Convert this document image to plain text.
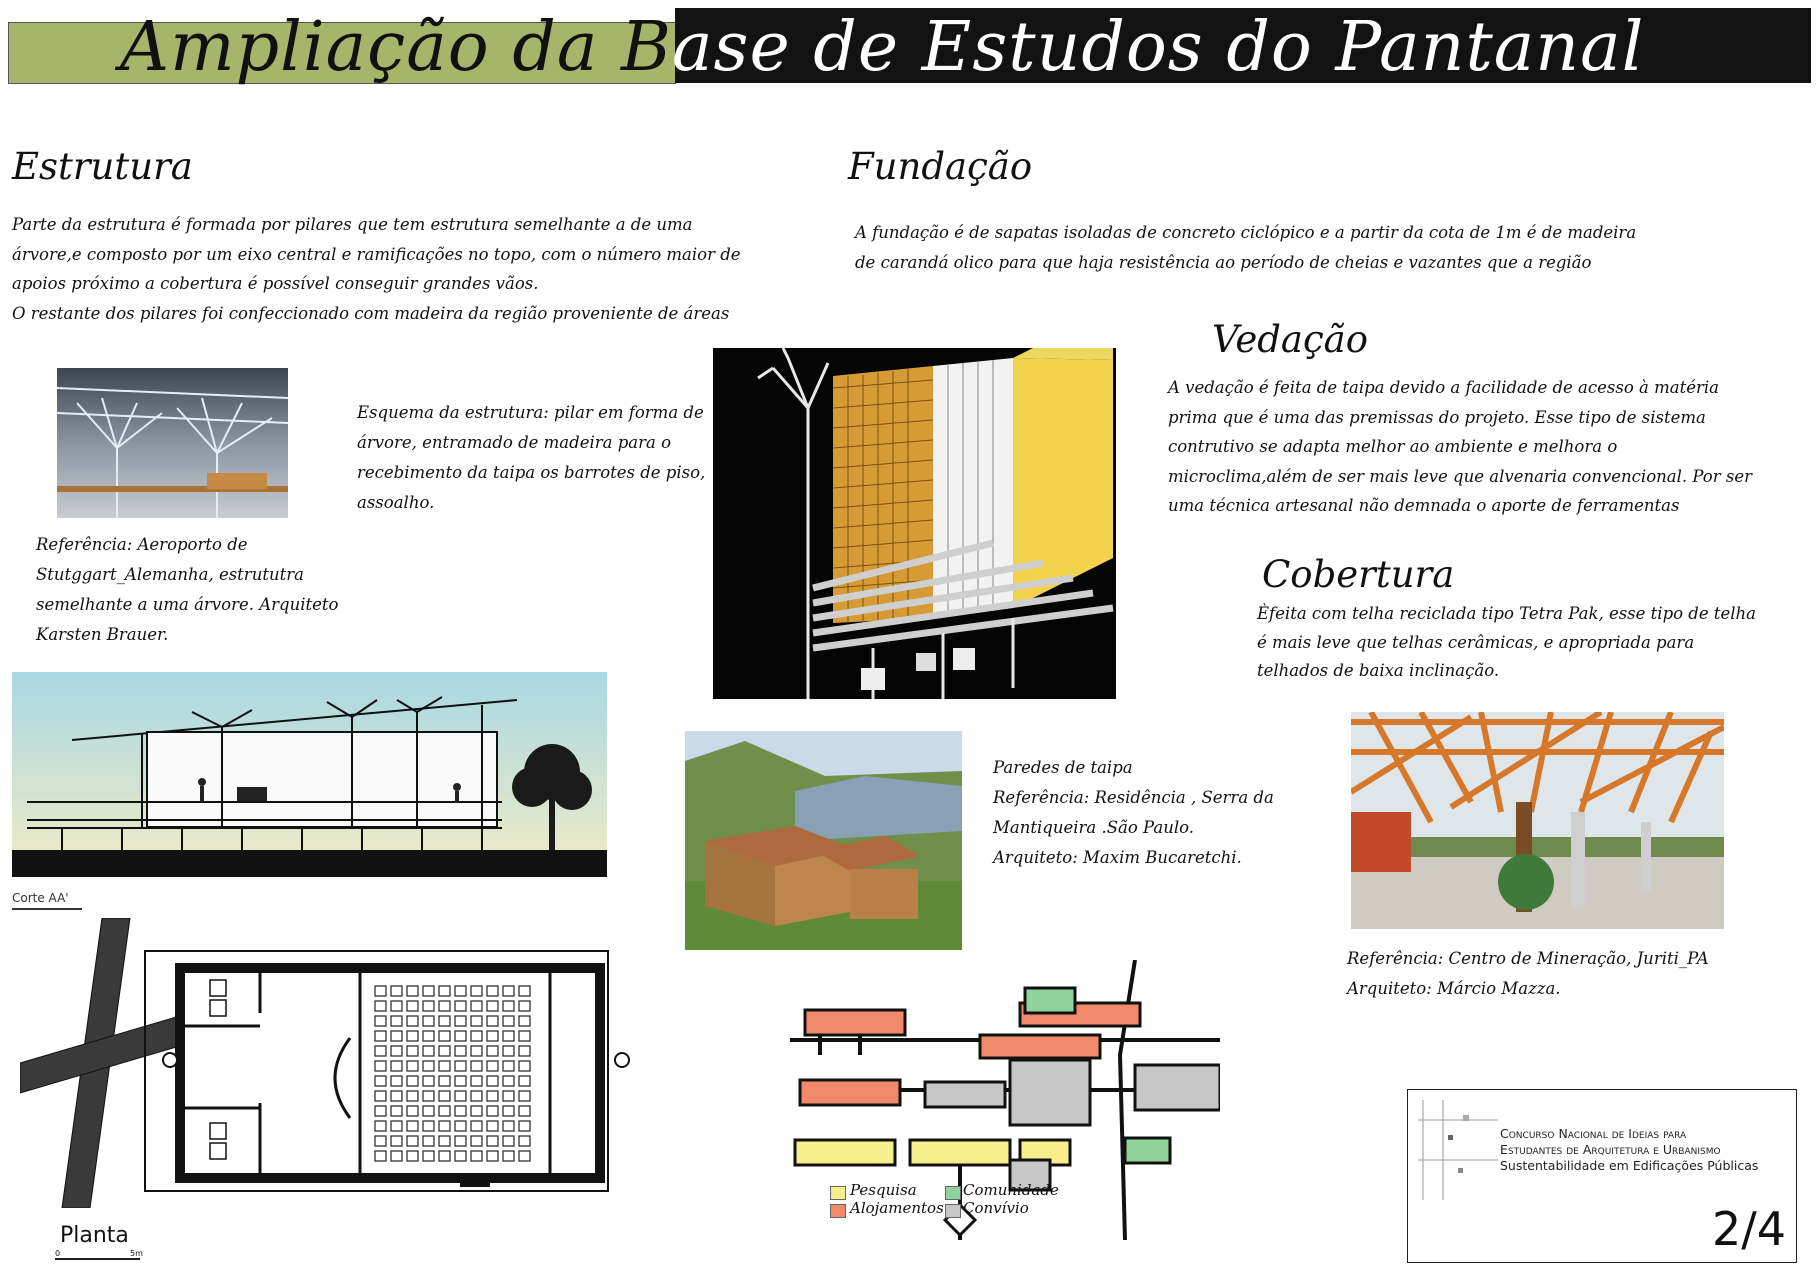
Ampliação da Base de Estudos do Pantanal
Estrutura
Parte da estrutura é formada por pilares que tem estrutura semelhante a de uma
árvore,e composto por um eixo central e ramificações no topo, com o número maior de
apoios próximo a cobertura é possível conseguir grandes vãos.
O restante dos pilares foi confeccionado com madeira da região proveniente de áreas
Esquema da estrutura: pilar em forma de
árvore, entramado de madeira para o
recebimento da taipa os barrotes de piso,
assoalho.
Referência: Aeroporto de
Stutggart_Alemanha, estrututra
semelhante a uma árvore. Arquiteto
Karsten Brauer.
Corte AA'
Planta
0	5m
Fundação
A fundação é de sapatas isoladas de concreto ciclópico e a partir da cota de 1m é de madeira
de carandá olico para que haja resistência ao período de cheias e vazantes que a região
Vedação
A vedação é feita de taipa devido a facilidade de acesso à matéria
prima que é uma das premissas do projeto. Esse tipo de sistema
contrutivo se adapta melhor ao ambiente e melhora o
microclima,além de ser mais leve que alvenaria convencional. Por ser
uma técnica artesanal não demnada o aporte de ferramentas
Cobertura
Èfeita com telha reciclada tipo Tetra Pak, esse tipo de telha
é mais leve que telhas cerâmicas, e apropriada para
telhados de baixa inclinação.
Referência: Centro de Mineração, Juriti_PA
Arquiteto: Márcio Mazza.
Paredes de taipa
Referência: Residência , Serra da
Mantiqueira .São Paulo.
Arquiteto: Maxim Bucaretchi.
Pesquisa
Alojamentos
Comunidade
Convívio
Concurso Nacional de Ideias para
Estudantes de Arquitetura e Urbanismo
Sustentabilidade em Edificações Públicas
2/4
